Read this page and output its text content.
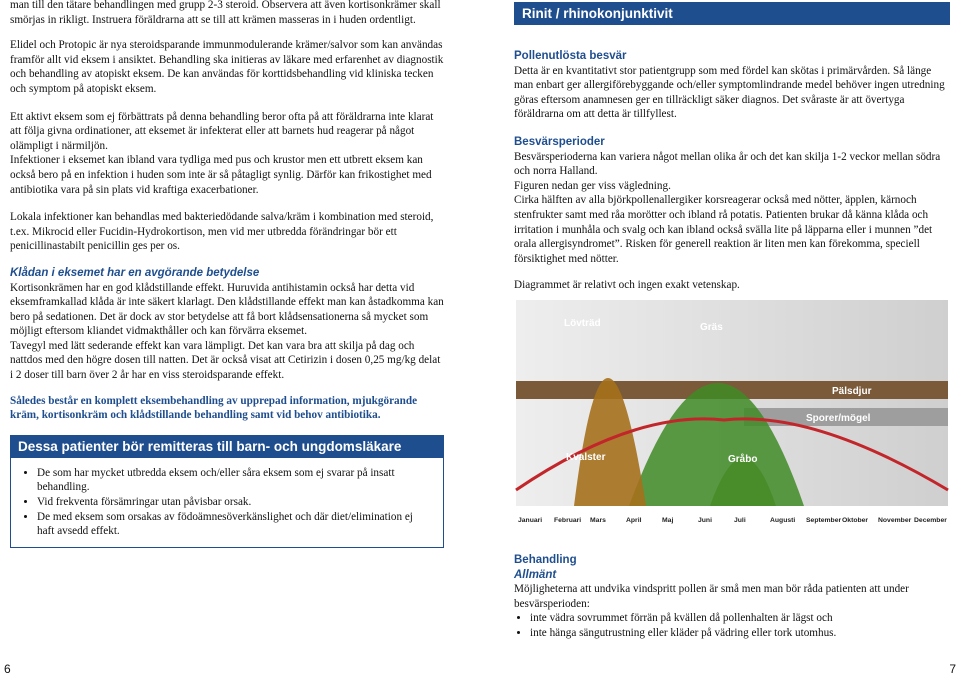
man till den tätare behandlingen med grupp 2-3 steroid. Observera att även kortisonkrämer skall smörjas in rikligt. Instruera föräldrarna att se till att krämen masseras in i huden ordentligt.

Elidel och Protopic är nya steroidsparande immunmodulerande krämer/salvor som kan användas framför allt vid eksem i ansiktet. Behandling ska initieras av läkare med erfarenhet av diagnostik och behandling av atopiskt eksem. De kan användas för korttidsbehandling vid kliniska tecken och symptom på atopiskt eksem.

Ett aktivt eksem som ej förbättrats på denna behandling beror ofta på att föräldrarna inte klarat att följa givna ordinationer, att eksemet är infekterat eller att barnets hud reagerar på något olämpligt i närmiljön.

Infektioner i eksemet kan ibland vara tydliga med pus och krustor men ett utbrett eksem kan också bero på en infektion i huden som inte är så påtagligt synlig. Därför kan frikostighet med antibiotika vara på sin plats vid kraftiga exacerbationer.

Lokala infektioner kan behandlas med bakteriedödande salva/kräm i kombination med steroid, t.ex. Mikrocid eller Fucidin-Hydrokortison, men vid mer utbredda förändringar bör ett penicillinastabilt penicillin ges per os.

Klådan i eksemet har en avgörande betydelse

Kortisonkrämen har en god klådstillande effekt. Huruvida antihistamin också har detta vid eksemframkallad klåda är inte säkert klarlagt. Den klådstillande effekt man kan åstadkomma kan bero på sedationen. Det är dock av stor betydelse att få bort klådsensationerna så mycket som möjligt eftersom kliandet vidmakthåller och kan förvärra eksemet.

Tavegyl med lätt sederande effekt kan vara lämpligt. Det kan vara bra att skilja på dag och nattdos med den högre dosen till natten. Det är också visat att Cetirizin i dosen 0,25 mg/kg delat i 2 doser till barn över 2 år har en viss steroidsparande effekt.

Således består en komplett eksembehandling av upprepad information, mjukgörande kräm, kortisonkräm och klådstillande behandling samt vid behov antibiotika.

Dessa patienter bör remitteras till barn- och ungdomsläkare
• De som har mycket utbredda eksem och/eller såra eksem som ej svarar på insatt behandling.
• Vid frekventa försämringar utan påvisbar orsak.
• De med eksem som orsakas av födoämnesöverkänslighet och där diet/elimination ej haft avsedd effekt.
6
Rinit / rhinokonjunktivit
Pollenutlösta besvär

Detta är en kvantitativt stor patientgrupp som med fördel kan skötas i primärvården. Så länge man enbart ger allergiförebyggande och/eller symptomlindrande medel behöver ingen utredning göras eftersom anamnesen ger en tillräckligt säker diagnos. Det svåraste är att övertyga föräldrarna om att detta är tillfyllest.

Besvärsperioder

Besvärsperioderna kan variera något mellan olika år och det kan skilja 1-2 veckor mellan södra och norra Halland.

Figuren nedan ger viss vägledning.

Cirka hälften av alla björkpollenallergiker korsreagerar också med nötter, äpplen, kärnoch stenfrukter samt med råa morötter och ibland rå potatis. Patienten brukar då känna klåda och irritation i munhåla och svalg och kan ibland också svälla lite på läpparna eller i munnen ”det orala allergisyndromet”. Risken för generell reaktion är liten men kan förekomma, speciell försiktighet med nötter.

Diagrammet är relativt och ingen exakt vetenskap.

Lövträd	Gräs
Pälsdjur
Sporer/mögel
Kvalster	Gråbo
Januari Februari Mars	April	Maj	Juni	Juli	Augusti September Oktober November December
Behandling
Allmänt

Möjligheterna att undvika vindspritt pollen är små men man bör råda patienten att under besvärsperioden:

• inte vädra sovrummet förrän på kvällen då pollenhalten är lägst och
• inte hänga sängutrustning eller kläder på vädring eller tork utomhus.
7
